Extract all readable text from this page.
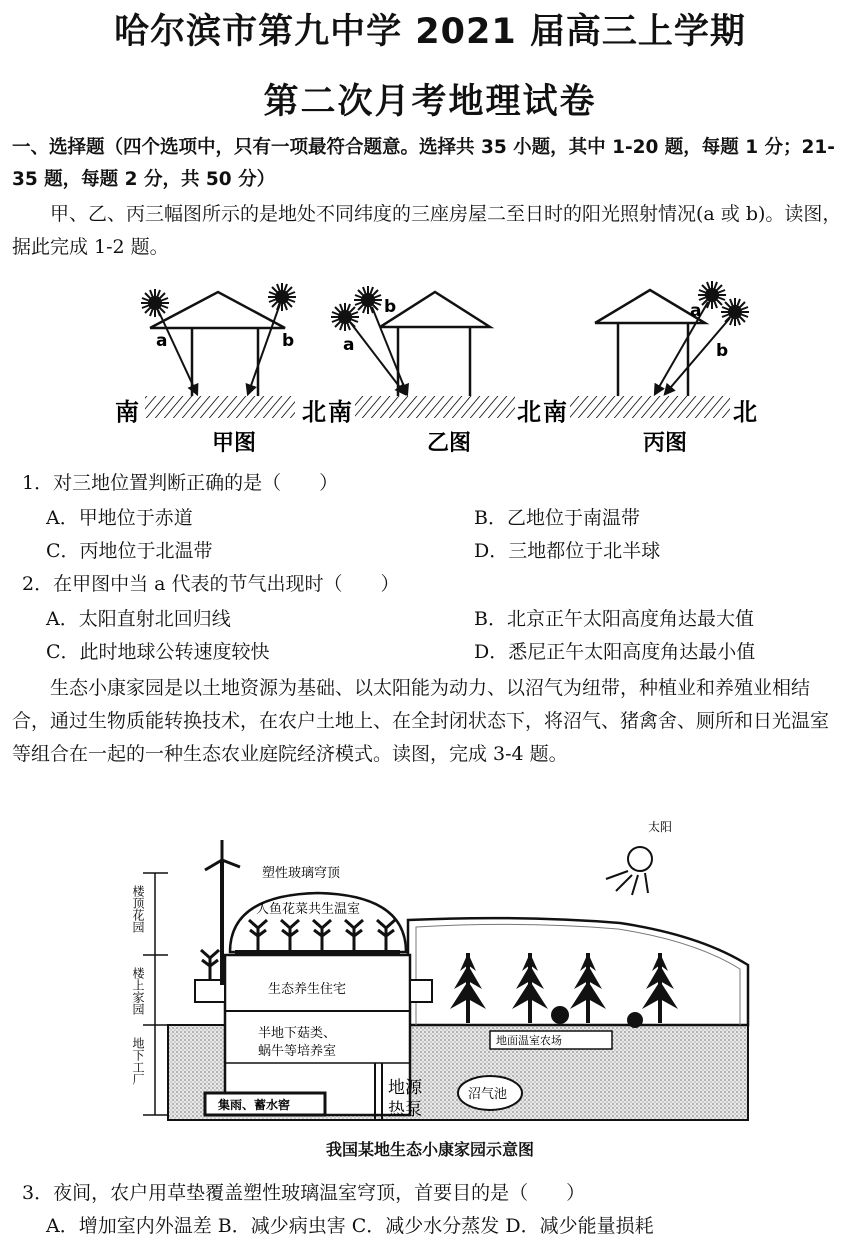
哈尔滨市第九中学 2021 届高三上学期
第二次月考地理试卷
一、选择题（四个选项中，只有一项最符合题意。选择共 35 小题，其中 1-20 题，每题 1 分；21-35 题，每题 2 分，共 50 分）
甲、乙、丙三幅图所示的是地处不同纬度的三座房屋二至日时的阳光照射情况(a 或 b)。读图，据此完成 1-2 题。
a	b
b
a
a
b
南	北 南	北 南	北
甲图	乙图	丙图
1．对三地位置判断正确的是（　　）
A．甲地位于赤道	B．乙地位于南温带
C．丙地位于北温带	D．三地都位于北半球
2．在甲图中当 a 代表的节气出现时（　　）
A．太阳直射北回归线	B．北京正午太阳高度角达最大值
C．此时地球公转速度较快	D．悉尼正午太阳高度角达最小值
生态小康家园是以土地资源为基础、以太阳能为动力、以沼气为纽带，种植业和养殖业相结合，通过生物质能转换技术，在农户土地上、在全封闭状态下，将沼气、猪禽舍、厕所和日光温室等组合在一起的一种生态农业庭院经济模式。读图，完成 3-4 题。
太阳
塑性玻璃穹顶
人鱼花菜共生温室
生态养生住宅
半地下菇类、
蜗牛等培养室
集雨、蓄水窖
地源
热泵
沼气池
地面温室农场
楼顶花园
楼上家园
地下工厂
我国某地生态小康家园示意图
3．夜间，农户用草垫覆盖塑性玻璃温室穹顶，首要目的是（　　）
A．增加室内外温差 B．减少病虫害 C．减少水分蒸发 D．减少能量损耗
